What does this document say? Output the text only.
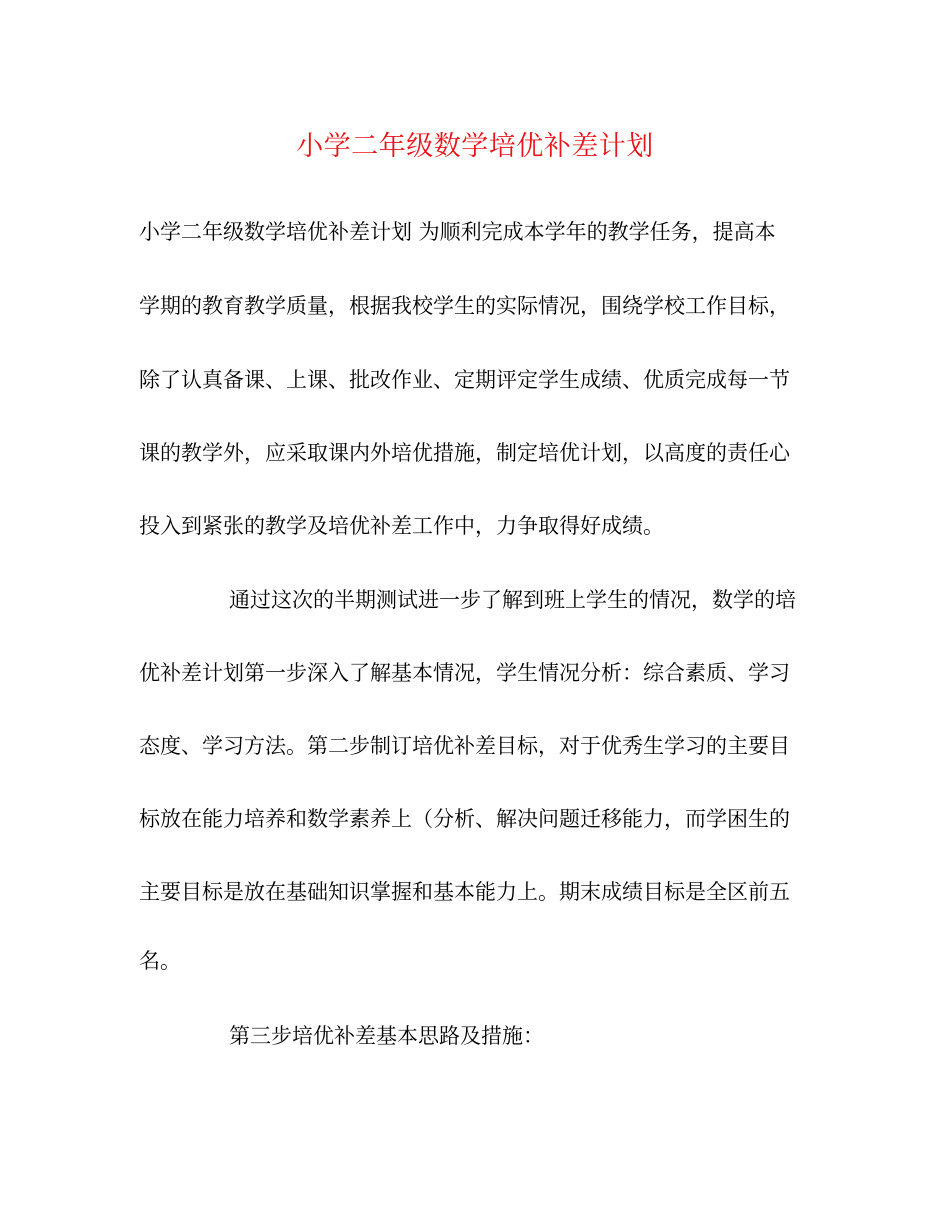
小学二年级数学培优补差计划
小学二年级数学培优补差计划 为顺利完成本学年的教学任务，提高本
学期的教育教学质量，根据我校学生的实际情况，围绕学校工作目标，
除了认真备课、上课、批改作业、定期评定学生成绩、优质完成每一节
课的教学外，应采取课内外培优措施，制定培优计划，以高度的责任心
投入到紧张的教学及培优补差工作中，力争取得好成绩。
通过这次的半期测试进一步了解到班上学生的情况，数学的培
优补差计划第一步深入了解基本情况，学生情况分析：综合素质、学习
态度、学习方法。第二步制订培优补差目标，对于优秀生学习的主要目
标放在能力培养和数学素养上（分析、解决问题迁移能力，而学困生的
主要目标是放在基础知识掌握和基本能力上。期末成绩目标是全区前五
名。
第三步培优补差基本思路及措施：
